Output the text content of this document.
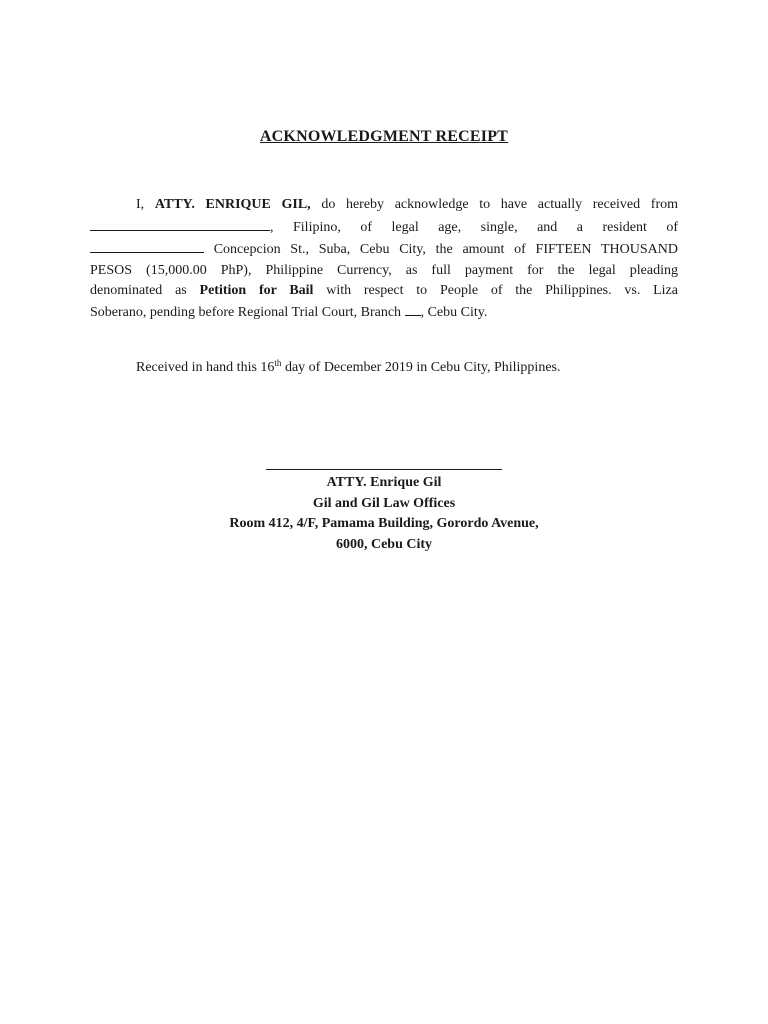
ACKNOWLEDGMENT RECEIPT
I, ATTY. ENRIQUE GIL, do hereby acknowledge to have actually received from
, Filipino, of legal age, single, and a resident of
Concepcion St., Suba, Cebu City, the amount of FIFTEEN THOUSAND
PESOS (15,000.00 PhP), Philippine Currency, as full payment for the legal pleading
denominated as Petition for Bail with respect to People of the Philippines. vs. Liza
Soberano, pending before Regional Trial Court, Branch , Cebu City.
Received in hand this 16th day of December 2019 in Cebu City, Philippines.
ATTY. Enrique Gil
Gil and Gil Law Offices
Room 412, 4/F, Pamama Building, Gorordo Avenue,
6000, Cebu City
